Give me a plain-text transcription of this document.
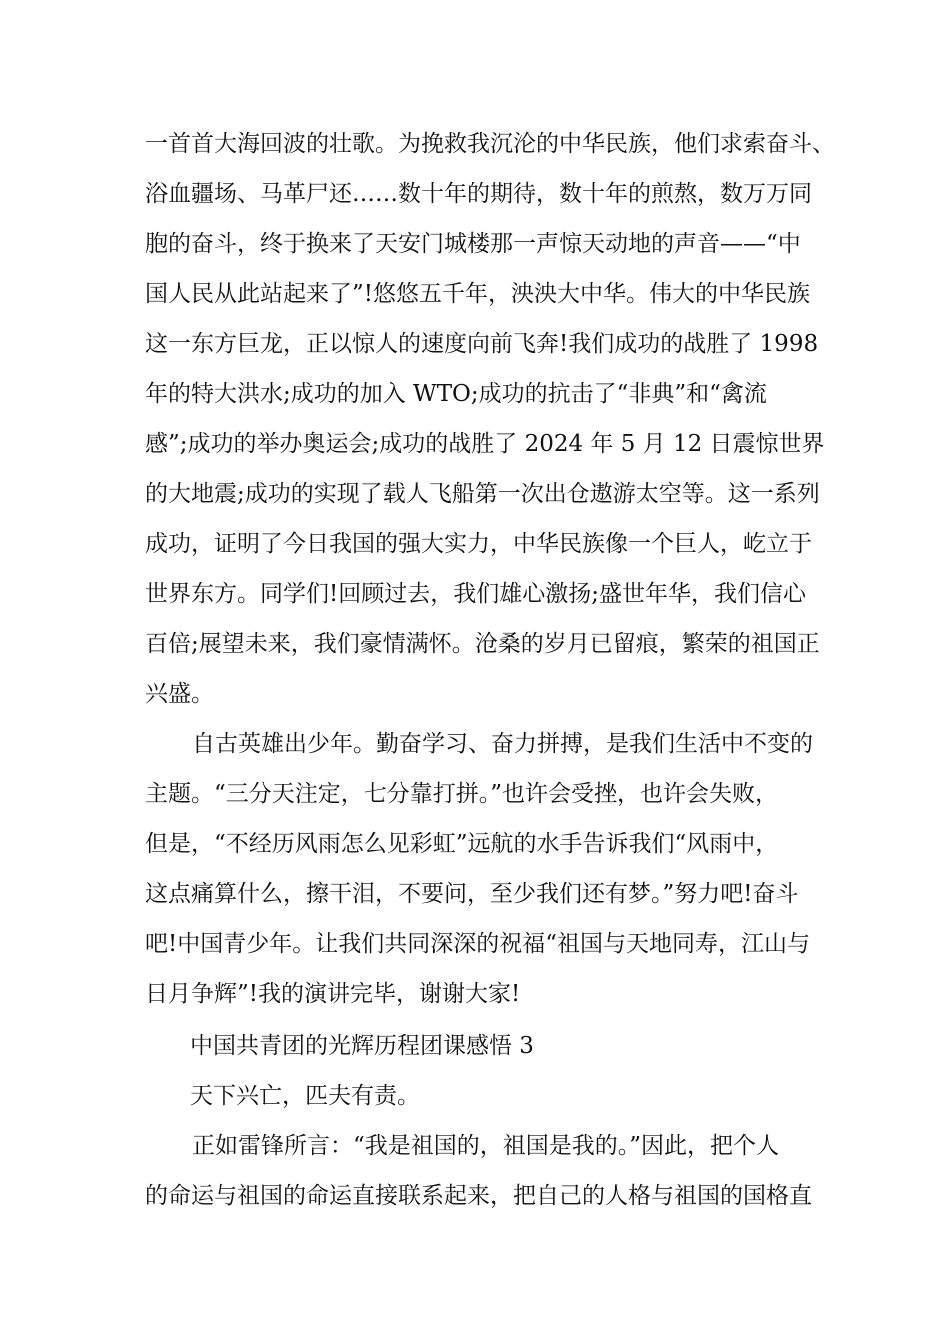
一首首大海回波的壮歌。为挽救我沉沦的中华民族，他们求索奋斗、
浴血疆场、马革尸还……数十年的期待，数十年的煎熬，数万万同
胞的奋斗，终于换来了天安门城楼那一声惊天动地的声音——“中
国人民从此站起来了”!悠悠五千年，泱泱大中华。伟大的中华民族
这一东方巨龙，正以惊人的速度向前飞奔!我们成功的战胜了 1998
年的特大洪水;成功的加入 WTO;成功的抗击了“非典”和“禽流
感”;成功的举办奥运会;成功的战胜了 2024 年 5 月 12 日震惊世界
的大地震;成功的实现了载人飞船第一次出仓遨游太空等。这一系列
成功，证明了今日我国的强大实力，中华民族像一个巨人，屹立于
世界东方。同学们!回顾过去，我们雄心激扬;盛世年华，我们信心
百倍;展望未来，我们豪情满怀。沧桑的岁月已留痕，繁荣的祖国正
兴盛。
自古英雄出少年。勤奋学习、奋力拼搏，是我们生活中不变的
主题。“三分天注定，七分靠打拼。”也许会受挫，也许会失败，
但是，“不经历风雨怎么见彩虹”远航的水手告诉我们“风雨中，
这点痛算什么，擦干泪，不要问，至少我们还有梦。”努力吧!奋斗
吧!中国青少年。让我们共同深深的祝福“祖国与天地同寿，江山与
日月争辉”!我的演讲完毕，谢谢大家!
中国共青团的光辉历程团课感悟 3
天下兴亡，匹夫有责。
正如雷锋所言：“我是祖国的，祖国是我的。”因此，把个人
的命运与祖国的命运直接联系起来，把自己的人格与祖国的国格直
